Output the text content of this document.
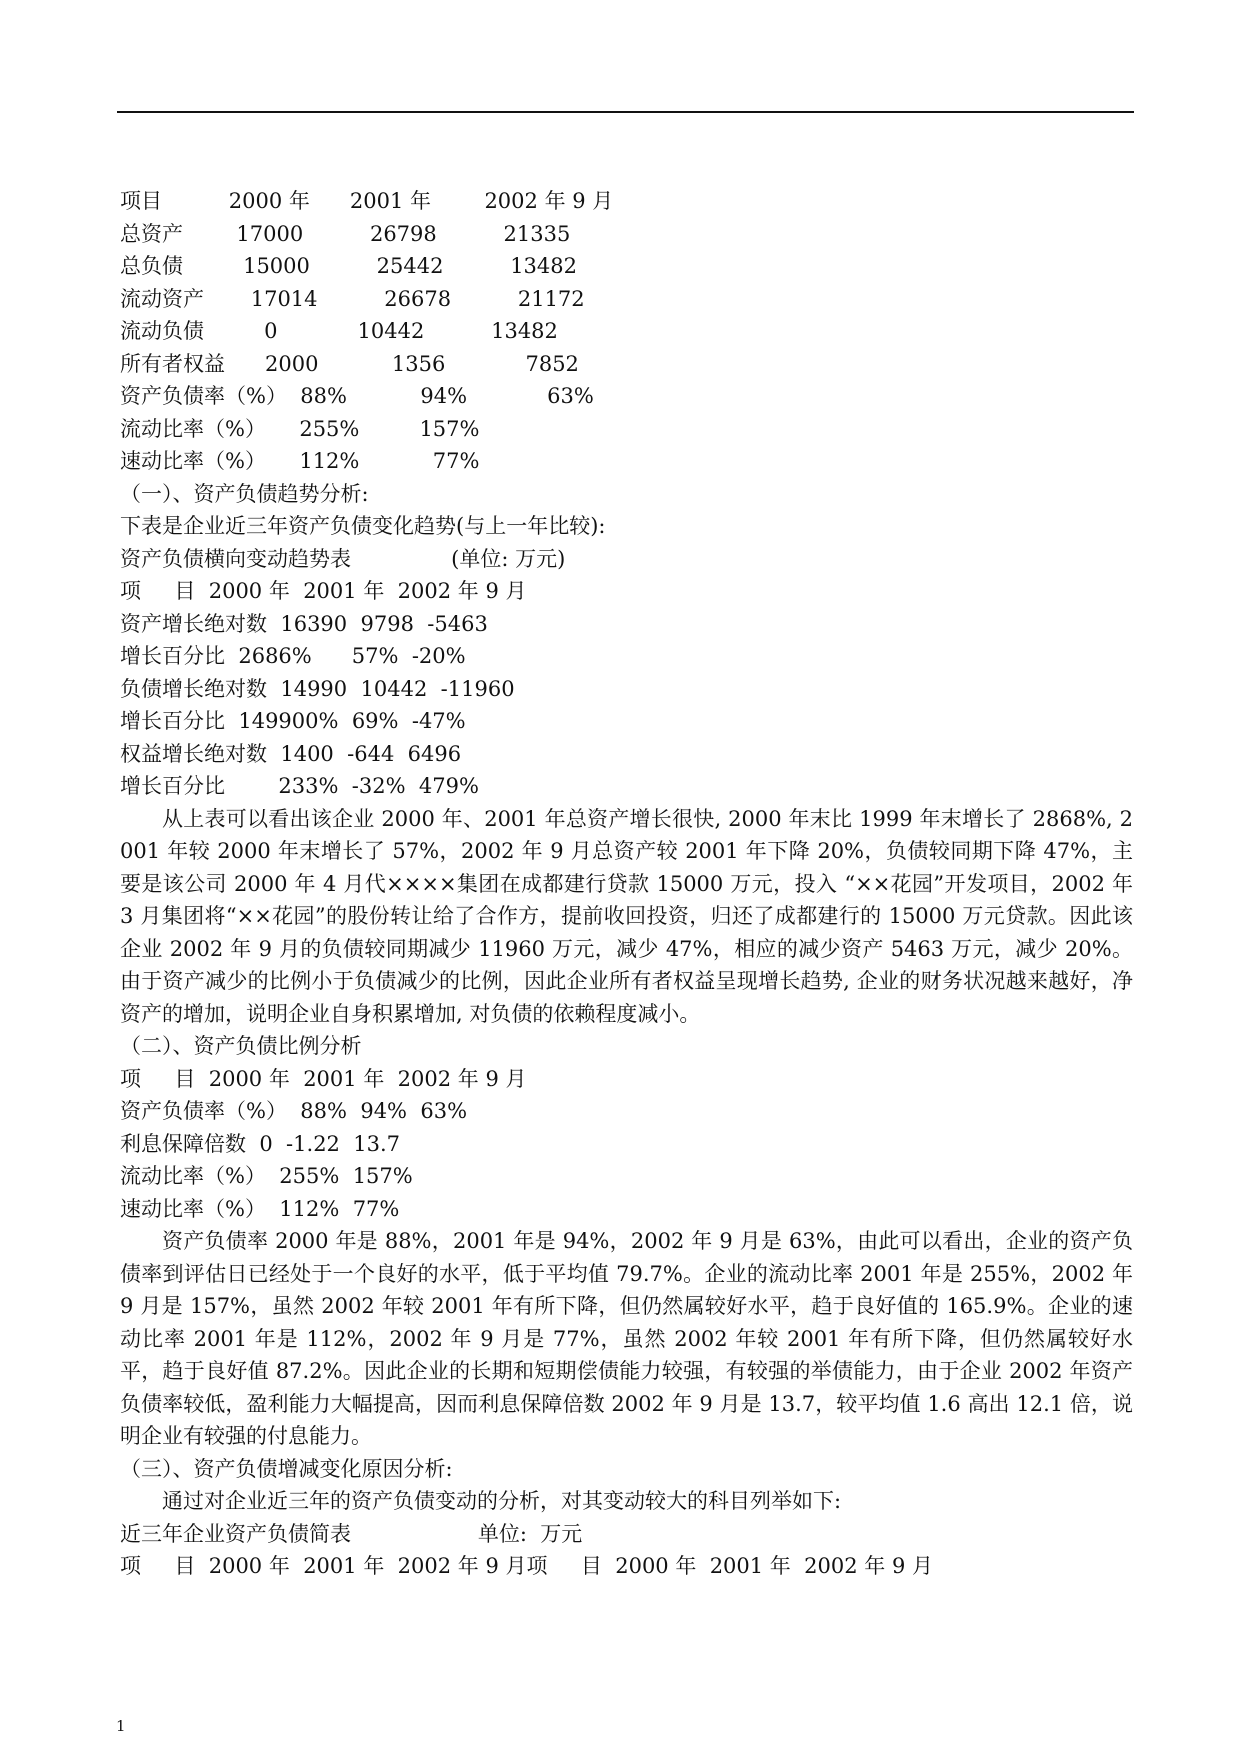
项目          2000 年      2001 年        2002 年 9 月
总资产        17000          26798          21335
总负债         15000          25442          13482
流动资产       17014          26678          21172
流动负债         0            10442          13482
所有者权益      2000           1356            7852
资产负债率（%）  88%           94%            63%
流动比率（%）     255%         157%
速动比率（%）     112%           77%
（一）、资产负债趋势分析:
下表是企业近三年资产负债变化趋势(与上一年比较):
资产负债横向变动趋势表               (单位: 万元)
项     目  2000 年  2001 年  2002 年 9 月
资产增长绝对数  16390  9798  -5463
增长百分比  2686%      57%  -20%
负债增长绝对数  14990  10442  -11960
增长百分比  149900%  69%  -47%
权益增长绝对数  1400  -644  6496
增长百分比        233%  -32%  479%

从上表可以看出该企业 2000 年、2001 年总资产增长很快, 2000 年末比 1999 年末增长了 2868%, 2001 年较 2000 年末增长了 57%，2002 年 9 月总资产较 2001 年下降 20%，负债较同期下降 47%，主要是该公司 2000 年 4 月代××××集团在成都建行贷款 15000 万元，投入 “××花园”开发项目，2002 年 3 月集团将“××花园”的股份转让给了合作方，提前收回投资，归还了成都建行的 15000 万元贷款。因此该企业 2002 年 9 月的负债较同期减少 11960 万元，减少 47%，相应的减少资产 5463 万元，减少 20%。由于资产减少的比例小于负债减少的比例，因此企业所有者权益呈现增长趋势, 企业的财务状况越来越好，净资产的增加，说明企业自身积累增加, 对负债的依赖程度减小。

（二）、资产负债比例分析
项     目  2000 年  2001 年  2002 年 9 月
资产负债率（%）  88%  94%  63%
利息保障倍数  0  -1.22  13.7
流动比率（%）  255%  157%
速动比率（%）  112%  77%

资产负债率 2000 年是 88%，2001 年是 94%，2002 年 9 月是 63%，由此可以看出，企业的资产负债率到评估日已经处于一个良好的水平，低于平均值 79.7%。企业的流动比率 2001 年是 255%，2002 年 9 月是 157%，虽然 2002 年较 2001 年有所下降，但仍然属较好水平，趋于良好值的 165.9%。企业的速动比率 2001 年是 112%，2002 年 9 月是 77%，虽然 2002 年较 2001 年有所下降，但仍然属较好水平，趋于良好值 87.2%。因此企业的长期和短期偿债能力较强，有较强的举债能力，由于企业 2002 年资产负债率较低，盈利能力大幅提高，因而利息保障倍数 2002 年 9 月是 13.7，较平均值 1.6 高出 12.1 倍，说明企业有较强的付息能力。

（三）、资产负债增减变化原因分析:
通过对企业近三年的资产负债变动的分析，对其变动较大的科目列举如下:
近三年企业资产负债简表                   单位:  万元
项     目  2000 年  2001 年  2002 年 9 月项     目  2000 年  2001 年  2002 年 9 月
1
